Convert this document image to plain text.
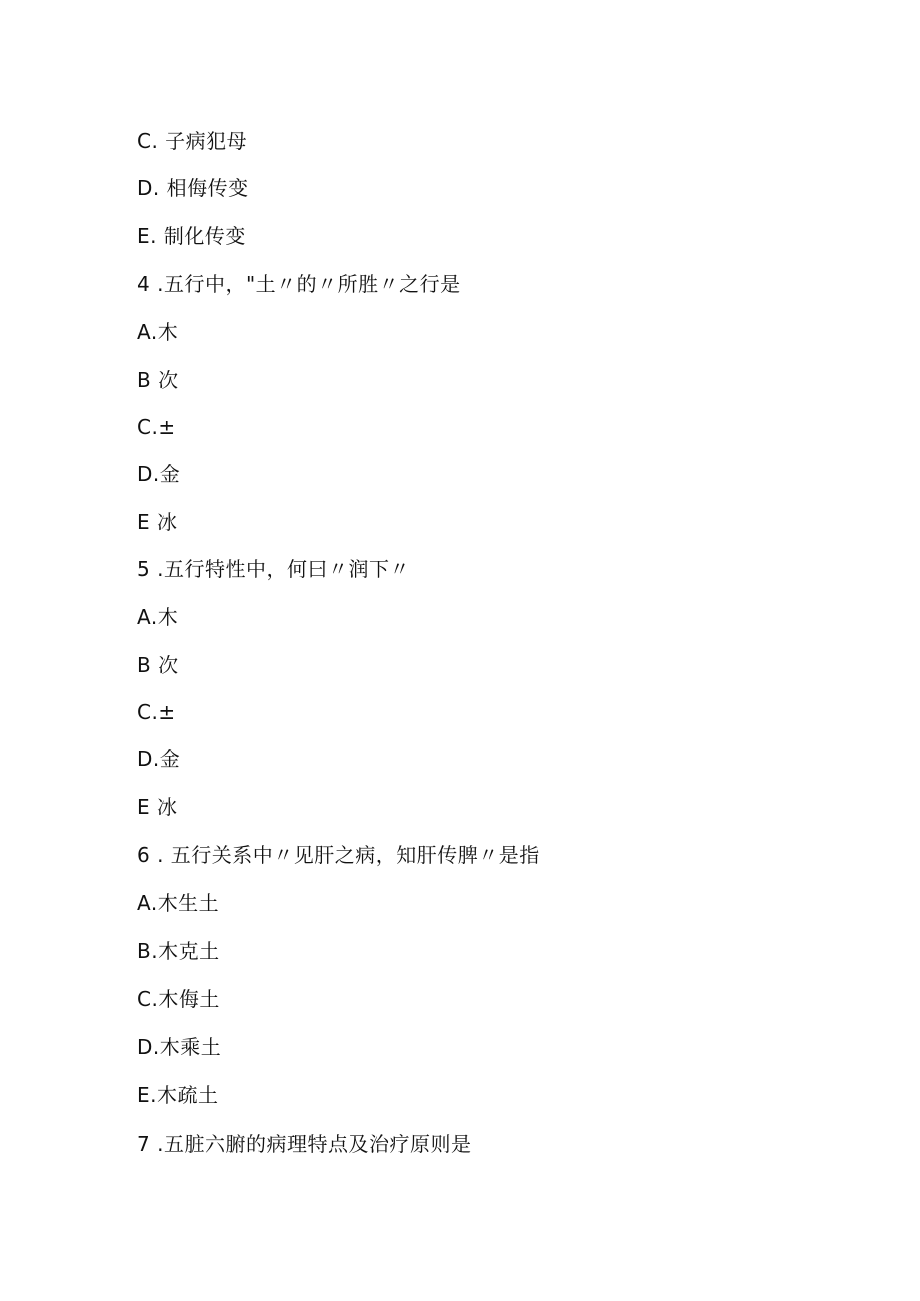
C. 子病犯母
D. 相侮传变
E. 制化传变
4 .五行中，"土〃的〃所胜〃之行是
A.木
B 次
C.±
D.金
E 冰
5 .五行特性中，何曰〃润下〃
A.木
B 次
C.±
D.金
E 冰
6 . 五行关系中〃见肝之病，知肝传脾〃是指
A.木生土
B.木克土
C.木侮土
D.木乘土
E.木疏土
7 .五脏六腑的病理特点及治疗原则是
